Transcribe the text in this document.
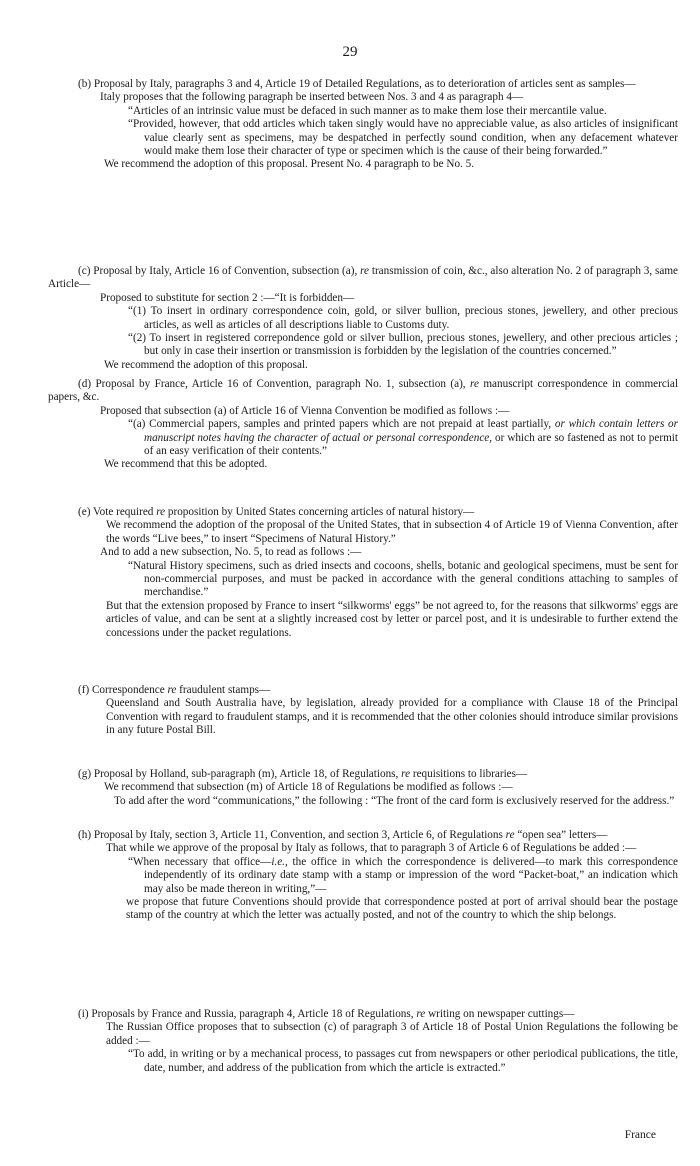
29

(b) Proposal by Italy, paragraphs 3 and 4, Article 19 of Detailed Regulations, as to deterioration of articles sent as samples—

Italy proposes that the following paragraph be inserted between Nos. 3 and 4 as paragraph 4—

“Articles of an intrinsic value must be defaced in such manner as to make them lose their mercantile value.

“Provided, however, that odd articles which taken singly would have no appreciable value, as also articles of insignificant value clearly sent as specimens, may be despatched in perfectly sound condition, when any defacement whatever would make them lose their character of type or specimen which is the cause of their being forwarded.”

We recommend the adoption of this proposal. Present No. 4 paragraph to be No. 5.

(c) Proposal by Italy, Article 16 of Convention, subsection (a), re transmission of coin, &c., also alteration No. 2 of paragraph 3, same Article—

Proposed to substitute for section 2 :—“It is forbidden—

“(1) To insert in ordinary correspondence coin, gold, or silver bullion, precious stones, jewellery, and other precious articles, as well as articles of all descriptions liable to Customs duty.

“(2) To insert in registered correpondence gold or silver bullion, precious stones, jewellery, and other precious articles ; but only in case their insertion or transmission is forbidden by the legislation of the countries concerned.”

We recommend the adoption of this proposal.

(d) Proposal by France, Article 16 of Convention, paragraph No. 1, subsection (a), re manuscript correspondence in commercial papers, &c.

Proposed that subsection (a) of Article 16 of Vienna Convention be modified as follows :—

“(a) Commercial papers, samples and printed papers which are not prepaid at least partially, or which contain letters or manuscript notes having the character of actual or personal correspondence, or which are so fastened as not to permit of an easy verification of their contents.”

We recommend that this be adopted.

(e) Vote required re proposition by United States concerning articles of natural history—

We recommend the adoption of the proposal of the United States, that in subsection 4 of Article 19 of Vienna Convention, after the words “Live bees,” to insert “Specimens of Natural History.”

And to add a new subsection, No. 5, to read as follows :—

“Natural History specimens, such as dried insects and cocoons, shells, botanic and geological specimens, must be sent for non-commercial purposes, and must be packed in accordance with the general conditions attaching to samples of merchandise.”

But that the extension proposed by France to insert “silkworms' eggs” be not agreed to, for the reasons that silkworms' eggs are articles of value, and can be sent at a slightly increased cost by letter or parcel post, and it is undesirable to further extend the concessions under the packet regulations.

(f) Correspondence re fraudulent stamps—

Queensland and South Australia have, by legislation, already provided for a compliance with Clause 18 of the Principal Convention with regard to fraudulent stamps, and it is recommended that the other colonies should introduce similar provisions in any future Postal Bill.

(g) Proposal by Holland, sub-paragraph (m), Article 18, of Regulations, re requisitions to libraries—

We recommend that subsection (m) of Article 18 of Regulations be modified as follows :—

To add after the word “communications,” the following : “The front of the card form is exclusively reserved for the address.”

(h) Proposal by Italy, section 3, Article 11, Convention, and section 3, Article 6, of Regulations re “open sea” letters—

That while we approve of the proposal by Italy as follows, that to paragraph 3 of Article 6 of Regulations be added :—

“When necessary that office—i.e., the office in which the correspondence is delivered—to mark this correspondence independently of its ordinary date stamp with a stamp or impression of the word “Packet-boat,” an indication which may also be made thereon in writing,”—

we propose that future Conventions should provide that correspondence posted at port of arrival should bear the postage stamp of the country at which the letter was actually posted, and not of the country to which the ship belongs.

(i) Proposals by France and Russia, paragraph 4, Article 18 of Regulations, re writing on newspaper cuttings—

The Russian Office proposes that to subsection (c) of paragraph 3 of Article 18 of Postal Union Regulations the following be added :—

“To add, in writing or by a mechanical process, to passages cut from newspapers or other periodical publications, the title, date, number, and address of the publication from which the article is extracted.”

France
